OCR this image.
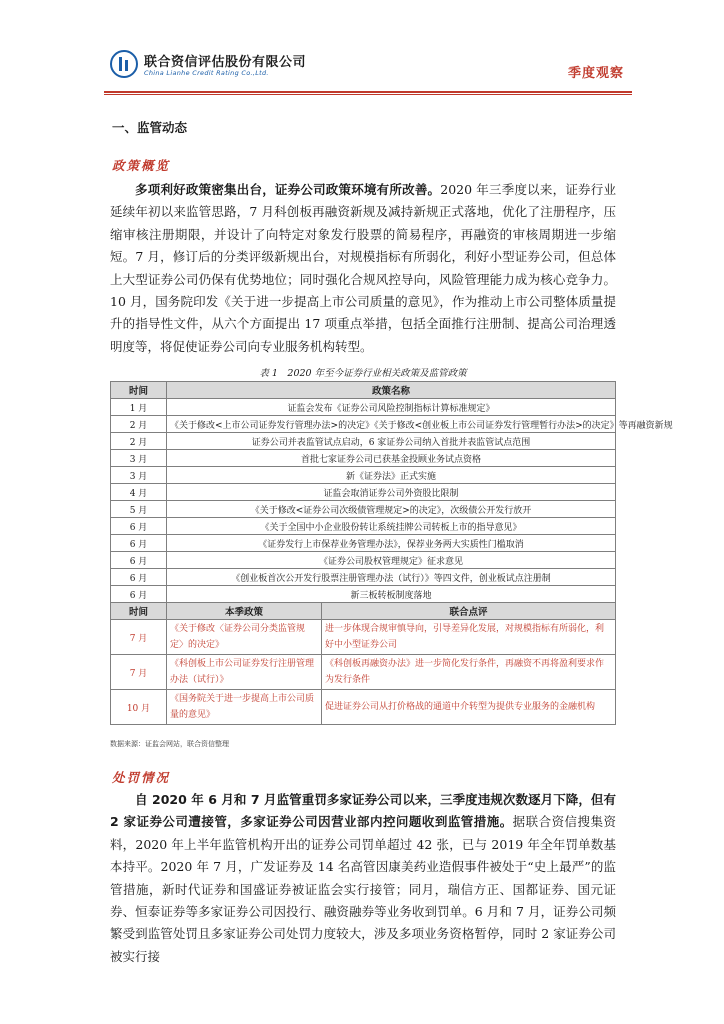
联合资信评估股份有限公司
China Lianhe Credit Rating Co.,Ltd.	季度观察
一、监管动态
政策概览
多项利好政策密集出台，证券公司政策环境有所改善。2020 年三季度以来，证券行业延续年初以来监管思路，7 月科创板再融资新规及减持新规正式落地，优化了注册程序，压缩审核注册期限，并设计了向特定对象发行股票的简易程序，再融资的审核周期进一步缩短。7 月，修订后的分类评级新规出台，对规模指标有所弱化，利好小型证券公司，但总体上大型证券公司仍保有优势地位；同时强化合规风控导向，风险管理能力成为核心竞争力。10 月，国务院印发《关于进一步提高上市公司质量的意见》，作为推动上市公司整体质量提升的指导性文件，从六个方面提出 17 项重点举措，包括全面推行注册制、提高公司治理透明度等，将促使证券公司向专业服务机构转型。
表 1　2020 年至今证券行业相关政策及监管政策
时间	政策名称	
1 月	证监会发布《证券公司风险控制指标计算标准规定》	
2 月	《关于修改<上市公司证券发行管理办法>的决定》《关于修改<创业板上市公司证券发行管理暂行办法>的决定》等再融资新规	
2 月	证券公司并表监管试点启动，6 家证券公司纳入首批并表监管试点范围	
3 月	首批七家证券公司已获基金投顾业务试点资格	
3 月	新《证券法》正式实施	
4 月	证监会取消证券公司外资股比限制	
5 月	《关于修改<证券公司次级债管理规定>的决定》，次级债公开发行放开	
6 月	《关于全国中小企业股份转让系统挂牌公司转板上市的指导意见》	
6 月	《证券发行上市保荐业务管理办法》，保荐业务两大实质性门槛取消	
6 月	《证券公司股权管理规定》征求意见	
6 月	《创业板首次公开发行股票注册管理办法（试行）》等四文件，创业板试点注册制	
6 月	新三板转板制度落地	
时间	本季政策	联合点评
7 月	《关于修改〈证券公司分类监管规定〉的决定》	进一步体现合规审慎导向，引导差异化发展，对规模指标有所弱化，利好中小型证券公司
7 月	《科创板上市公司证券发行注册管理办法（试行）》	《科创板再融资办法》进一步简化发行条件，再融资不再将盈利要求作为发行条件
10 月	《国务院关于进一步提高上市公司质量的意见》	促进证券公司从打价格战的通道中介转型为提供专业服务的金融机构
数据来源：证监会网站，联合资信整理
处罚情况
自 2020 年 6 月和 7 月监管重罚多家证券公司以来，三季度违规次数逐月下降，但有 2 家证券公司遭接管，多家证券公司因营业部内控问题收到监管措施。据联合资信搜集资料，2020 年上半年监管机构开出的证券公司罚单超过 42 张，已与 2019 年全年罚单数基本持平。2020 年 7 月，广发证券及 14 名高管因康美药业造假事件被处于“史上最严”的监管措施，新时代证券和国盛证券被证监会实行接管；同月，瑞信方正、国都证券、国元证券、恒泰证券等多家证券公司因投行、融资融券等业务收到罚单。6 月和 7 月，证券公司频繁受到监管处罚且多家证券公司处罚力度较大，涉及多项业务资格暂停，同时 2 家证券公司被实行接
